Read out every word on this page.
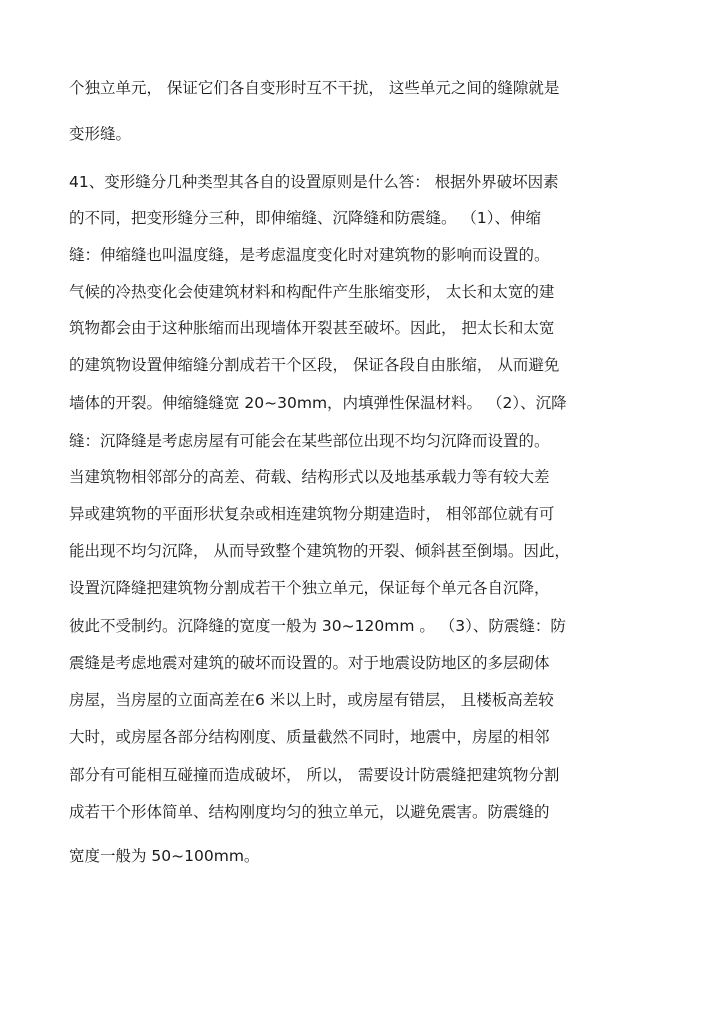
个独立单元， 保证它们各自变形时互不干扰， 这些单元之间的缝隙就是
变形缝。
41、变形缝分几种类型其各自的设置原则是什么答： 根据外界破坏因素
的不同，把变形缝分三种，即伸缩缝、沉降缝和防震缝。 （1）、伸缩
缝：伸缩缝也叫温度缝，是考虑温度变化时对建筑物的影响而设置的。
气候的冷热变化会使建筑材料和构配件产生胀缩变形， 太长和太宽的建
筑物都会由于这种胀缩而出现墙体开裂甚至破坏。因此， 把太长和太宽
的建筑物设置伸缩缝分割成若干个区段， 保证各段自由胀缩， 从而避免
墙体的开裂。伸缩缝缝宽 20~30mm，内填弹性保温材料。 （2）、沉降
缝：沉降缝是考虑房屋有可能会在某些部位出现不均匀沉降而设置的。
当建筑物相邻部分的高差、荷载、结构形式以及地基承载力等有较大差
异或建筑物的平面形状复杂或相连建筑物分期建造时， 相邻部位就有可
能出现不均匀沉降， 从而导致整个建筑物的开裂、倾斜甚至倒塌。因此，
设置沉降缝把建筑物分割成若干个独立单元，保证每个单元各自沉降，
彼此不受制约。沉降缝的宽度一般为 30~120mm 。 （3）、防震缝：防
震缝是考虑地震对建筑的破坏而设置的。对于地震设防地区的多层砌体
房屋，当房屋的立面高差在6 米以上时，或房屋有错层， 且楼板高差较
大时，或房屋各部分结构刚度、质量截然不同时，地震中，房屋的相邻
部分有可能相互碰撞而造成破坏， 所以， 需要设计防震缝把建筑物分割
成若干个形体简单、结构刚度均匀的独立单元，以避免震害。防震缝的
宽度一般为 50~100mm。
